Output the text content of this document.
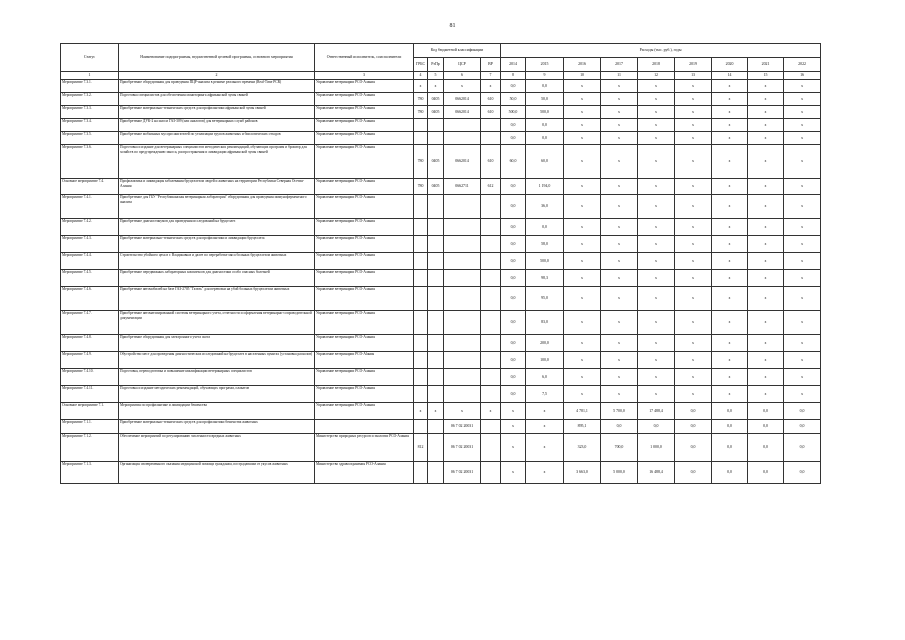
81
Статус	Наименование подпрограммы, ведомственной целевой программы, основного мероприятия	Ответственный исполнитель, соисполнители	Код бюджетной классификации				Расходы (тыс. руб.), годы								
			ГРБС	РзПр	ЦСР	ВР	2014	2015	2016	2017	2018	2019	2020	2021	2022
1	2	3	4	5	6	7	8	9	10	11	12	13	14	15	16
Мероприятие 7.3.1.	Приобретение оборудования для проведения ПЦР-анализа в режиме реального времени (Real-Time PCR)	Управление ветеринарии РСО-Алания	х	х	х	х	0,0	0,0	х	х	х	х	х	х	х
Мероприятие 7.3.2.	Подготовка специалистов для обеспечения мониторинга африканской чумы свиней	Управление ветеринарии РСО-Алания	780	0405	0662014	610	50,0	50,0	х	х	х	х	х	х	х
Мероприятие 7.3.3.	Приобретение материально-технических средств для профилактики африканской чумы свиней	Управление ветеринарии РСО-Алания	780	0405	0662014	610	500,0	500,0	х	х	х	х	х	х	х
Мероприятие 7.3.4.	Приобретение ДУК-2 на шасси ГАЗ-309 (или аналогов) для ветеринарных служб районов	Управление ветеринарии РСО-Алания					0,0	0,0	х	х	х	х	х	х	х
Мероприятие 7.3.5.	Приобретение мобильных мусоросжигателей по утилизации трупов животных и биологических отходов	Управление ветеринарии РСО-Алания					0,0	0,0	х	х	х	х	х	х	х
Мероприятие 7.3.6.	Подготовка и издание для ветеринарных специалистов методических рекомендаций, обучающих программ и брошюр для хозяйств по предупреждению заноса, распространения и ликвидации африканской чумы свиней	Управление ветеринарии РСО-Алания	780	0405	0662014	610	60,0	60,0	х	х	х	х	х	х	х
Основное мероприятие 7.4.	Профилактика и ликвидация заболевания бруцеллезом людей и животных на территории Республики Северная Осетия-Алания	Управление ветеринарии РСО-Алания	780	0405	0662711	612	0,0	1 194,0	х	х	х	х	х	х	х
Мероприятие 7.4.1.	Приобретение для ГБУ "Республиканская ветеринарная лаборатория" оборудования для проведения иммуноферментного анализа	Управление ветеринарии РСО-Алания					0,0	36,0	х	х	х	х	х	х	х
Мероприятие 7.4.2.	Приобретение диагностикумов для проведения исследований на бруцеллез	Управление ветеринарии РСО-Алания					0,0	0,0	х	х	х	х	х	х	х
Мероприятие 7.4.3.	Приобретение материально-технических средств для профилактики и ликвидации бруцеллеза	Управление ветеринарии РСО-Алания					0,0	58,0	х	х	х	х	х	х	х
Мероприятие 7.4.4.	Строительство убойного цеха в г. Владикавказ и далее по переработке мяса больных бруцеллезом животных	Управление ветеринарии РСО-Алания					0,0	500,0	х	х	х	х	х	х	х
Мероприятие 7.4.5.	Приобретение передвижных лабораторных комплексов для диагностики особо опасных болезней	Управление ветеринарии РСО-Алания					0,0	98,3	х	х	х	х	х	х	х
Мероприятие 7.4.6.	Приобретение автомобилей на базе ГАЗ-2705 "Газель" для перевозки на убой больных бруцеллезом животных	Управление ветеринарии РСО-Алания					0,0	95,0	х	х	х	х	х	х	х
Мероприятие 7.4.7.	Приобретение автоматизированной системы ветеринарного учета, отчетности и оформления ветеринарно-сопроводительной документации	Управление ветеринарии РСО-Алания					0,0	83,0	х	х	х	х	х	х	х
Мероприятие 7.4.8.	Приобретение оборудования для электронного учета скота	Управление ветеринарии РСО-Алания					0,0	200,0	х	х	х	х	х	х	х
Мероприятие 7.4.9.	Обустройство мест для проведения диагностических исследований на бруцеллез в населенных пунктах (установка расколов)	Управление ветеринарии РСО-Alания					0,0	100,0	х	х	х	х	х	х	х
Мероприятие 7.4.10.	Подготовка, переподготовка и повышение квалификации ветеринарных специалистов	Управление ветеринарии РСО-Алания					0,0	6,0	х	х	х	х	х	х	х
Мероприятие 7.4.11.	Подготовка и издание методических рекомендаций, обучающих программ, плакатов	Управление ветеринарии РСО-Алания					0,0	7,5	х	х	х	х	х	х	х
Основное мероприятие 7.1.	Мероприятия по профилактике и ликвидации бешенства	Управление ветеринарии РСО-Алания	х	х	х	х	х	х	4 781,1	5 700,0	17 488,4	0,0	0,0	0,0	0,0
Мероприятие 7.1.1.	Приобретение материально-технических средств для профилактики бешенства животных				06 7 02 20031		х	х	895,1	0,0	0,0	0,0	0,0	0,0	0,0
Мероприятие 7.1.2.	Обеспечение мероприятий по регулированию численности вредных животных	Министерство природных ресурсов и экологии РСО-Алания	812		06 7 02 20031		х	х	323,0	700,0	1 000,0	0,0	0,0	0,0	0,0
Мероприятие 7.1.3.	Организация своевременного оказания медицинской помощи гражданам, пострадавшим от укусов животных	Министерство здравоохранения РСО-Алания			06 7 02 20031		х	х	3 663,0	5 000,0	16 488,4	0,0	0,0	0,0	0,0
